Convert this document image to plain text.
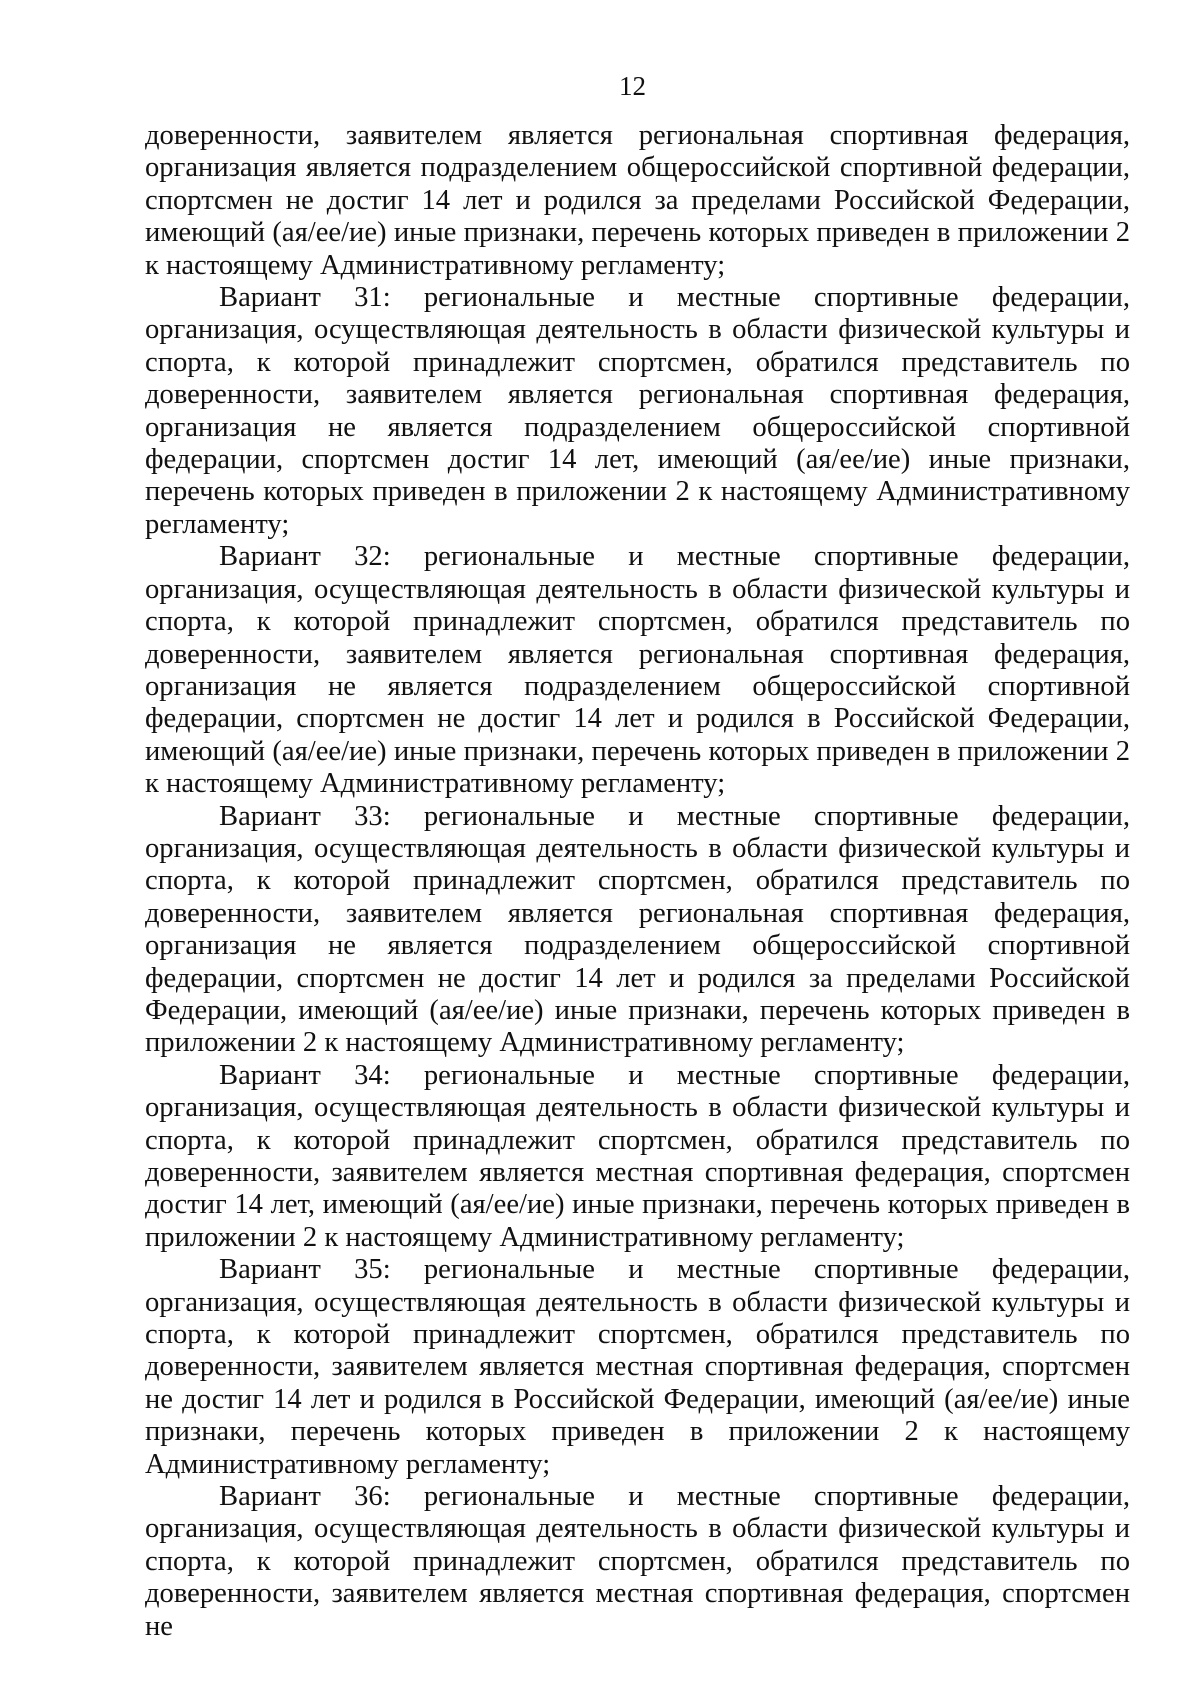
12

доверенности, заявителем является региональная спортивная федерация, организация является подразделением общероссийской спортивной федерации, спортсмен не достиг 14 лет и родился за пределами Российской Федерации, имеющий (ая/ее/ие) иные признаки, перечень которых приведен в приложении 2 к настоящему Административному регламенту;

Вариант 31: региональные и местные спортивные федерации, организация, осуществляющая деятельность в области физической культуры и спорта, к которой принадлежит спортсмен, обратился представитель по доверенности, заявителем является региональная спортивная федерация, организация не является подразделением общероссийской спортивной федерации, спортсмен достиг 14 лет, имеющий (ая/ее/ие) иные признаки, перечень которых приведен в приложении 2 к настоящему Административному регламенту;

Вариант 32: региональные и местные спортивные федерации, организация, осуществляющая деятельность в области физической культуры и спорта, к которой принадлежит спортсмен, обратился представитель по доверенности, заявителем является региональная спортивная федерация, организация не является подразделением общероссийской спортивной федерации, спортсмен не достиг 14 лет и родился в Российской Федерации, имеющий (ая/ее/ие) иные признаки, перечень которых приведен в приложении 2 к настоящему Административному регламенту;

Вариант 33: региональные и местные спортивные федерации, организация, осуществляющая деятельность в области физической культуры и спорта, к которой принадлежит спортсмен, обратился представитель по доверенности, заявителем является региональная спортивная федерация, организация не является подразделением общероссийской спортивной федерации, спортсмен не достиг 14 лет и родился за пределами Российской Федерации, имеющий (ая/ее/ие) иные признаки, перечень которых приведен в приложении 2 к настоящему Административному регламенту;

Вариант 34: региональные и местные спортивные федерации, организация, осуществляющая деятельность в области физической культуры и спорта, к которой принадлежит спортсмен, обратился представитель по доверенности, заявителем является местная спортивная федерация, спортсмен достиг 14 лет, имеющий (ая/ее/ие) иные признаки, перечень которых приведен в приложении 2 к настоящему Административному регламенту;

Вариант 35: региональные и местные спортивные федерации, организация, осуществляющая деятельность в области физической культуры и спорта, к которой принадлежит спортсмен, обратился представитель по доверенности, заявителем является местная спортивная федерация, спортсмен не достиг 14 лет и родился в Российской Федерации, имеющий (ая/ее/ие) иные признаки, перечень которых приведен в приложении 2 к настоящему Административному регламенту;

Вариант 36: региональные и местные спортивные федерации, организация, осуществляющая деятельность в области физической культуры и спорта, к которой принадлежит спортсмен, обратился представитель по доверенности, заявителем является местная спортивная федерация, спортсмен не
